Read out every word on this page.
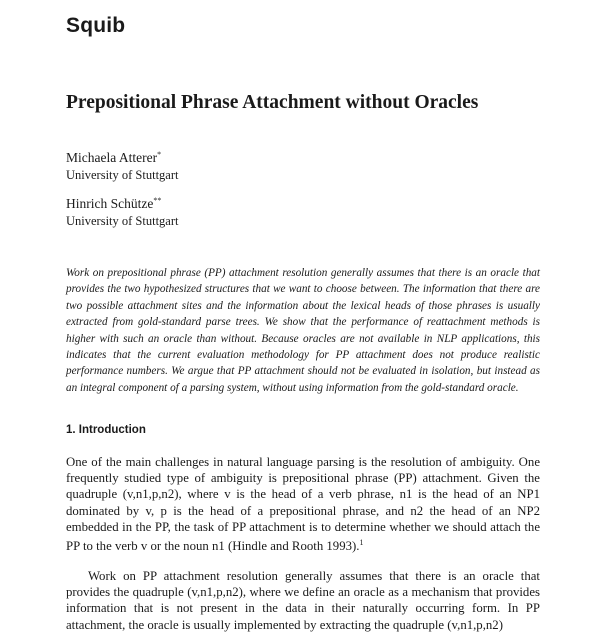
Squib
Prepositional Phrase Attachment without Oracles
Michaela Atterer*
University of Stuttgart
Hinrich Schütze**
University of Stuttgart

Work on prepositional phrase (PP) attachment resolution generally assumes that there is an oracle that provides the two hypothesized structures that we want to choose between. The information that there are two possible attachment sites and the information about the lexical heads of those phrases is usually extracted from gold-standard parse trees. We show that the performance of reattachment methods is higher with such an oracle than without. Because oracles are not available in NLP applications, this indicates that the current evaluation methodology for PP attachment does not produce realistic performance numbers. We argue that PP attachment should not be evaluated in isolation, but instead as an integral component of a parsing system, without using information from the gold-standard oracle.

1. Introduction

One of the main challenges in natural language parsing is the resolution of ambiguity. One frequently studied type of ambiguity is prepositional phrase (PP) attachment. Given the quadruple (v,n1,p,n2), where v is the head of a verb phrase, n1 is the head of an NP1 dominated by v, p is the head of a prepositional phrase, and n2 the head of an NP2 embedded in the PP, the task of PP attachment is to determine whether we should attach the PP to the verb v or the noun n1 (Hindle and Rooth 1993).$^1$

Work on PP attachment resolution generally assumes that there is an oracle that provides the quadruple (v,n1,p,n2), where we define an oracle as a mechanism that provides information that is not present in the data in their naturally occurring form. In PP attachment, the oracle is usually implemented by extracting the quadruple (v,n1,p,n2)
